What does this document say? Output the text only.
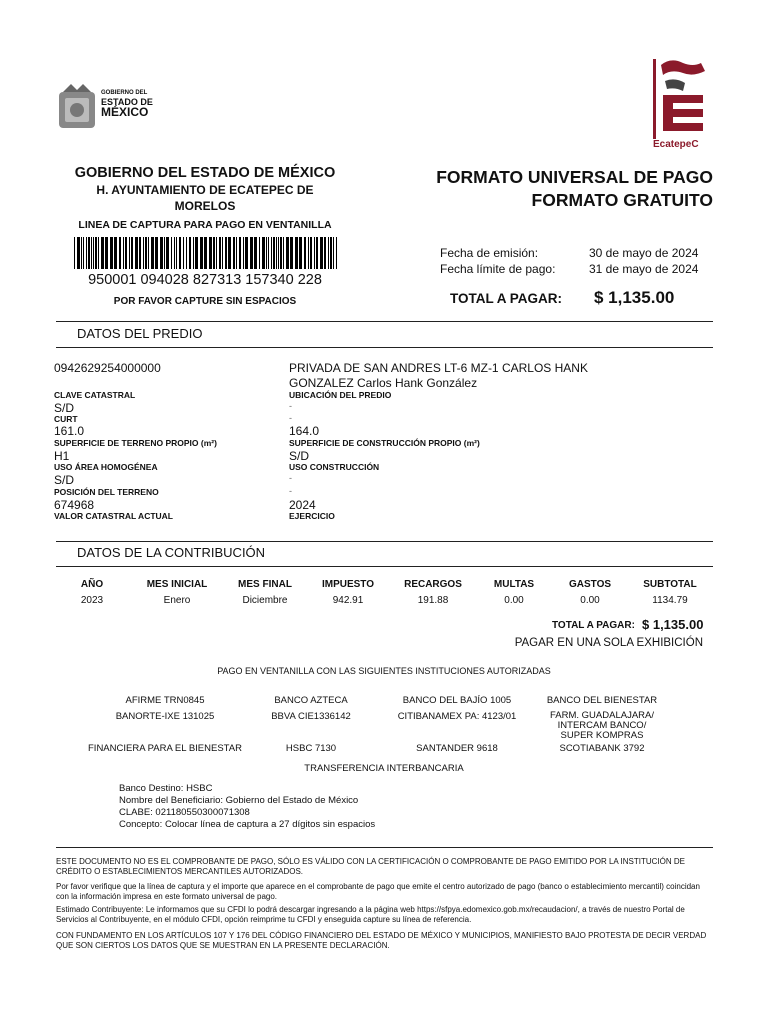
GOBIERNO DEL
ESTADO DE
MÉXICO
EcatepeC
GOBIERNO DEL ESTADO DE MÉXICO
H. AYUNTAMIENTO DE ECATEPEC DE MORELOS
LINEA DE CAPTURA PARA PAGO EN VENTANILLA
950001 094028 827313 157340 228
POR FAVOR CAPTURE SIN ESPACIOS
FORMATO UNIVERSAL DE PAGO
FORMATO GRATUITO
Fecha de emisión:	30 de mayo de 2024
Fecha límite de pago:	31 de mayo de 2024
TOTAL A PAGAR: $ 1,135.00
DATOS DEL PREDIO
0942629254000000	PRIVADA DE SAN ANDRES LT-6 MZ-1 CARLOS HANK GONZALEZ Carlos Hank González
CLAVE CATASTRAL	UBICACIÓN DEL PREDIO
S/D	-
CURT	-
161.0	164.0
SUPERFICIE DE TERRENO PROPIO (m²)	SUPERFICIE DE CONSTRUCCIÓN PROPIO (m²)
H1	S/D
USO ÁREA HOMOGÉNEA	USO CONSTRUCCIÓN
S/D	-
POSICIÓN DEL TERRENO	-
674968	2024
VALOR CATASTRAL ACTUAL	EJERCICIO
DATOS DE LA CONTRIBUCIÓN
AÑO	MES INICIAL	MES FINAL	IMPUESTO	RECARGOS	MULTAS	GASTOS	SUBTOTAL
2023	Enero	Diciembre	942.91	191.88	0.00	0.00	1134.79
TOTAL A PAGAR: $ 1,135.00
PAGAR EN UNA SOLA EXHIBICIÓN
PAGO EN VENTANILLA CON LAS SIGUIENTES INSTITUCIONES AUTORIZADAS
AFIRME TRN0845	BANCO AZTECA	BANCO DEL BAJÍO 1005	BANCO DEL BIENESTAR
BANORTE-IXE 131025	BBVA CIE1336142	CITIBANAMEX PA: 4123/01	FARM. GUADALAJARA/ INTERCAM BANCO/ SUPER KOMPRAS
FINANCIERA PARA EL BIENESTAR	HSBC 7130	SANTANDER 9618	SCOTIABANK 3792
TRANSFERENCIA INTERBANCARIA
Banco Destino: HSBC
Nombre del Beneficiario: Gobierno del Estado de México
CLABE: 021180550300071308
Concepto: Colocar línea de captura a 27 dígitos sin espacios
ESTE DOCUMENTO NO ES EL COMPROBANTE DE PAGO, SÓLO ES VÁLIDO CON LA CERTIFICACIÓN O COMPROBANTE DE PAGO EMITIDO POR LA INSTITUCIÓN DE CRÉDITO O ESTABLECIMIENTOS MERCANTILES AUTORIZADOS.
Por favor verifique que la línea de captura y el importe que aparece en el comprobante de pago que emite el centro autorizado de pago (banco o establecimiento mercantil) coincidan con la información impresa en este formato universal de pago.
Estimado Contribuyente: Le informamos que su CFDI lo podrá descargar ingresando a la página web https://sfpya.edomexico.gob.mx/recaudacion/, a través de nuestro Portal de Servicios al Contribuyente, en el módulo CFDI, opción reimprime tu CFDI y enseguida capture su línea de referencia.
CON FUNDAMENTO EN LOS ARTÍCULOS 107 Y 176 DEL CÓDIGO FINANCIERO DEL ESTADO DE MÉXICO Y MUNICIPIOS, MANIFIESTO BAJO PROTESTA DE DECIR VERDAD QUE SON CIERTOS LOS DATOS QUE SE MUESTRAN EN LA PRESENTE DECLARACIÓN.
